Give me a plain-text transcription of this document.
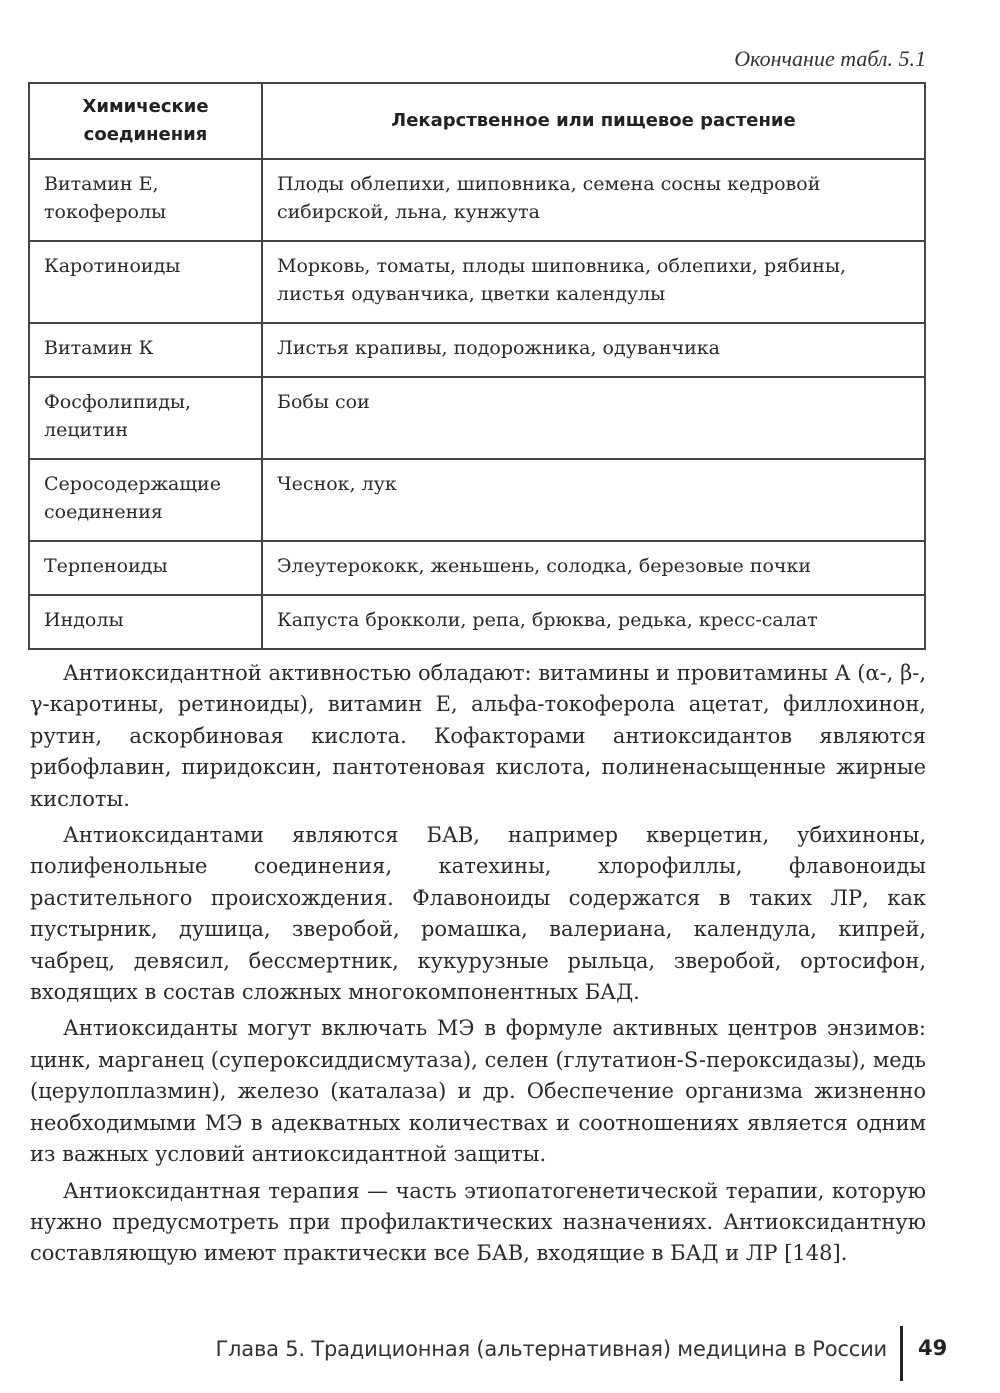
Окончание табл. 5.1
Химические соединения	Лекарственное или пищевое растение
Витамин Е, токоферолы	Плоды облепихи, шиповника, семена сосны кедровой сибирской, льна, кунжута
Каротиноиды	Морковь, томаты, плоды шиповника, облепихи, рябины, листья одуванчика, цветки календулы
Витамин К	Листья крапивы, подорожника, одуванчика
Фосфолипиды, лецитин	Бобы сои
Серосодержащие соединения	Чеснок, лук
Терпеноиды	Элеутерококк, женьшень, солодка, березовые почки
Индолы	Капуста брокколи, репа, брюква, редька, кресс-салат

Антиоксидантной активностью обладают: витамины и провитамины А (α-, β-, γ-каротины, ретиноиды), витамин Е, альфа-токоферола ацетат, филлохинон, рутин, аскорбиновая кислота. Кофакторами антиоксидантов являются рибофлавин, пиридоксин, пантотеновая кислота, полиненасыщенные жирные кислоты.

Антиоксидантами являются БАВ, например кверцетин, убихиноны, полифенольные соединения, катехины, хлорофиллы, флавоноиды растительного происхождения. Флавоноиды содержатся в таких ЛР, как пустырник, душица, зверобой, ромашка, валериана, календула, кипрей, чабрец, девясил, бессмертник, кукурузные рыльца, зверобой, ортосифон, входящих в состав сложных многокомпонентных БАД.

Антиоксиданты могут включать МЭ в формуле активных центров энзимов: цинк, марганец (супероксиддисмутаза), селен (глутатион-S-пероксидазы), медь (церулоплазмин), железо (каталаза) и др. Обеспечение организма жизненно необходимыми МЭ в адекватных количествах и соотношениях является одним из важных условий антиоксидантной защиты.

Антиоксидантная терапия — часть этиопатогенетической терапии, которую нужно предусмотреть при профилактических назначениях. Антиоксидантную составляющую имеют практически все БАВ, входящие в БАД и ЛР [148].

Глава 5. Традиционная (альтернативная) медицина в России 49
